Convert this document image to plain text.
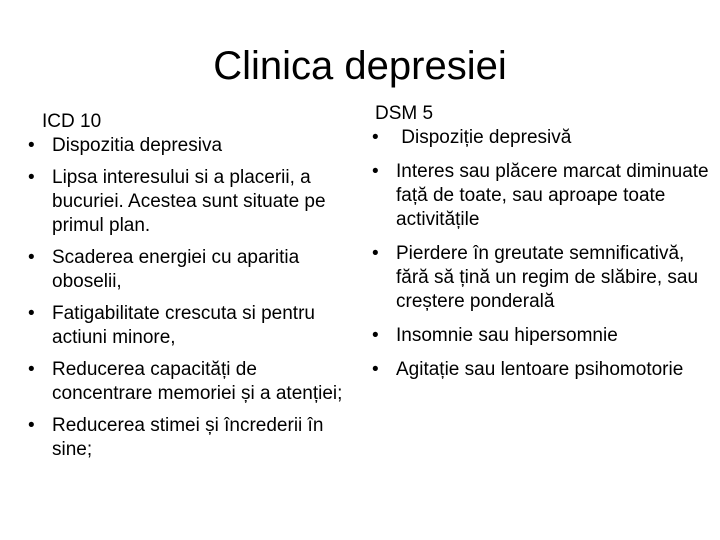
Clinica depresiei
ICD 10
• Dispozitia depresiva
• Lipsa interesului si a placerii, a bucuriei. Acestea sunt situate pe primul plan.
• Scaderea energiei cu aparitia oboselii,
• Fatigabilitate crescuta si pentru actiuni minore,
• Reducerea capacități de concentrare memoriei și a atenției;
• Reducerea stimei și încrederii în sine;
DSM 5
• Dispoziție depresivă
• Interes sau plăcere marcat diminuate față de toate, sau aproape toate activitățile
• Pierdere în greutate semnificativă, fără să țină un regim de slăbire, sau creștere ponderală
• Insomnie sau hipersomnie
• Agitație sau lentoare psihomotorie
